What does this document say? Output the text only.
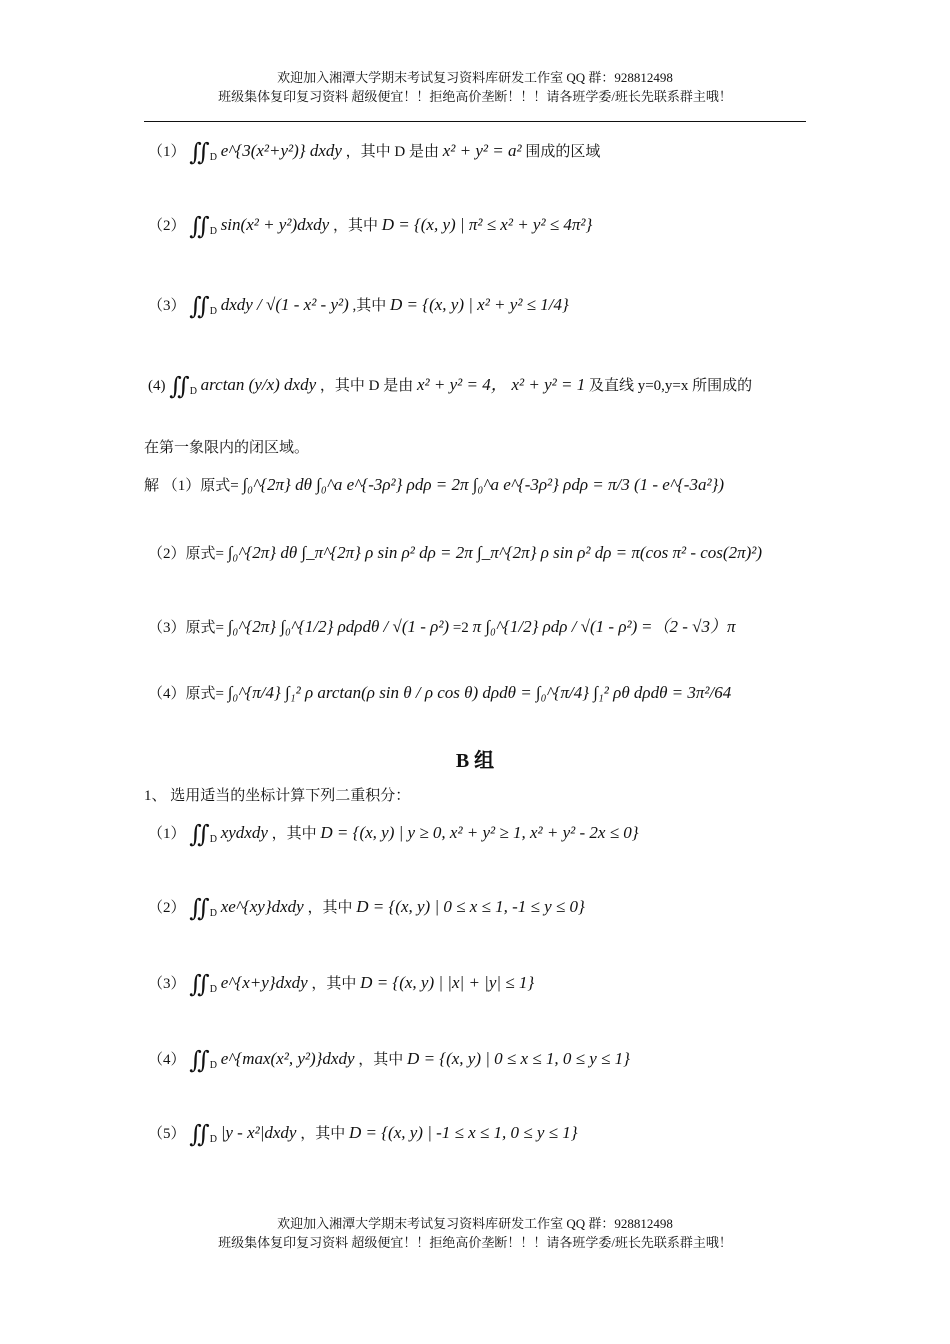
欢迎加入湘潭大学期末考试复习资料库研发工作室 QQ 群：928812498
班级集体复印复习资料 超级便宜！！拒绝高价垄断！！！请各班学委/班长先联系群主哦！
（1） $∬_D$ e^{3(x²+y²)} dxdy ，其中 D 是由 x² + y² = a² 围成的区域
（2） $∬_D$ sin(x² + y²)dxdy ，其中 D = {(x, y) | π² ≤ x² + y² ≤ 4π²}
（3） $∬_D$ dxdy / √(1 - x² - y²) ,其中 D = {(x, y) | x² + y² ≤ 1/4}
(4) $∬_D$ arctan (y/x) dxdy ，其中 D 是由 x² + y² = 4， x² + y² = 1 及直线 y=0,y=x 所围成的
在第一象限内的闭区域。
解 （1）原式= ∫₀^{2π} dθ ∫₀^a e^{-3ρ²} ρdρ = 2π ∫₀^a e^{-3ρ²} ρdρ = π/3 (1 - e^{-3a²})
（2）原式= ∫₀^{2π} dθ ∫_π^{2π} ρ sin ρ² dρ = 2π ∫_π^{2π} ρ sin ρ² dρ = π(cos π² - cos(2π)²)
（3）原式= ∫₀^{2π} ∫₀^{1/2} ρdρdθ / √(1 - ρ²) =2 π ∫₀^{1/2} ρdρ / √(1 - ρ²) =（2 - √3）π
（4）原式= ∫₀^{π/4} ∫₁² ρ arctan(ρ sin θ / ρ cos θ) dρdθ = ∫₀^{π/4} ∫₁² ρθ dρdθ = 3π²/64
B 组
1、 选用适当的坐标计算下列二重积分：
（1） $∬_D$ xydxdy ，其中 D = {(x, y) | y ≥ 0, x² + y² ≥ 1, x² + y² - 2x ≤ 0}
（2） $∬_D$ xe^{xy}dxdy ，其中 D = {(x, y) | 0 ≤ x ≤ 1, -1 ≤ y ≤ 0}
（3） $∬_D$ e^{x+y}dxdy ，其中 D = {(x, y) | |x| + |y| ≤ 1}
（4） $∬_D$ e^{max(x², y²)}dxdy ，其中 D = {(x, y) | 0 ≤ x ≤ 1, 0 ≤ y ≤ 1}
（5） $∬_D$ |y - x²|dxdy ，其中 D = {(x, y) | -1 ≤ x ≤ 1, 0 ≤ y ≤ 1}
欢迎加入湘潭大学期末考试复习资料库研发工作室 QQ 群：928812498
班级集体复印复习资料 超级便宜！！拒绝高价垄断！！！请各班学委/班长先联系群主哦！
